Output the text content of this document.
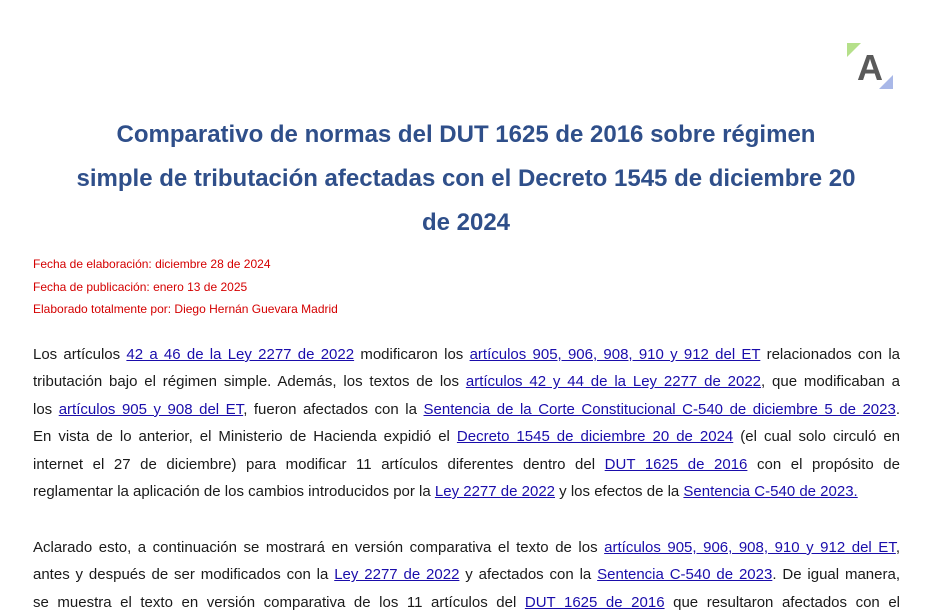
A
Comparativo de normas del DUT 1625 de 2016 sobre régimen
simple de tributación afectadas con el Decreto 1545 de diciembre 20
de 2024
Fecha de elaboración: diciembre 28 de 2024
Fecha de publicación: enero 13 de 2025
Elaborado totalmente por: Diego Hernán Guevara Madrid
Los artículos 42 a 46 de la Ley 2277 de 2022 modificaron los artículos 905, 906, 908, 910 y 912 del ET relacionados con la
tributación bajo el régimen simple. Además, los textos de los artículos 42 y 44 de la Ley 2277 de 2022, que modificaban a
los artículos 905 y 908 del ET, fueron afectados con la Sentencia de la Corte Constitucional C-540 de diciembre 5 de 2023.
En vista de lo anterior, el Ministerio de Hacienda expidió el Decreto 1545 de diciembre 20 de 2024 (el cual solo circuló en
internet el 27 de diciembre) para modificar 11 artículos diferentes dentro del DUT 1625 de 2016 con el propósito de
reglamentar la aplicación de los cambios introducidos por la Ley 2277 de 2022 y los efectos de la Sentencia C-540 de 2023.
Aclarado esto, a continuación se mostrará en versión comparativa el texto de los artículos 905, 906, 908, 910 y 912 del ET,
antes y después de ser modificados con la Ley 2277 de 2022 y afectados con la Sentencia C-540 de 2023. De igual manera,
se muestra el texto en versión comparativa de los 11 artículos del DUT 1625 de 2016 que resultaron afectados con el
